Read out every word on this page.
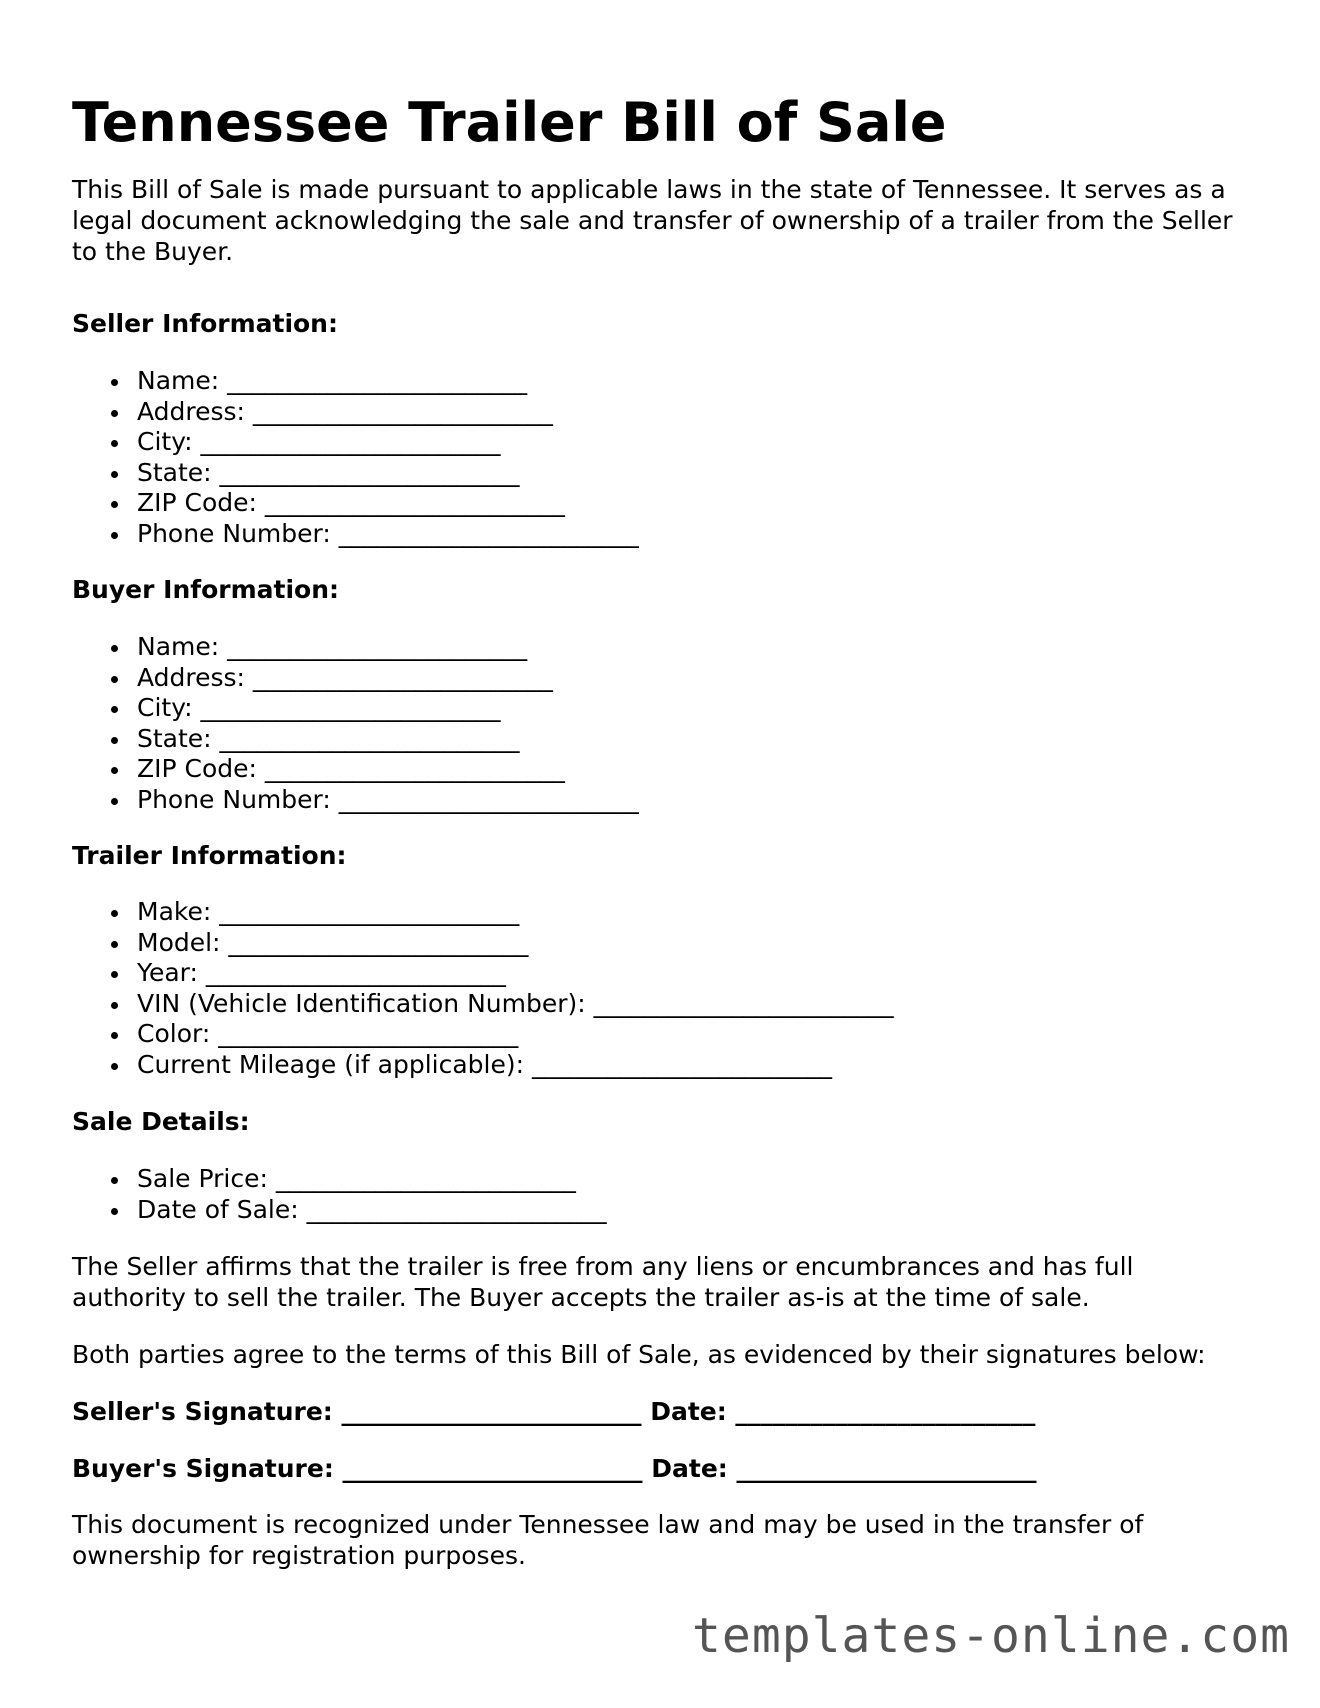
Tennessee Trailer Bill of Sale

This Bill of Sale is made pursuant to applicable laws in the state of Tennessee. It serves as a legal document acknowledging the sale and transfer of ownership of a trailer from the Seller to the Buyer.

Seller Information:

Name: ________________________
Address: ________________________
City: ________________________
State: ________________________
ZIP Code: ________________________
Phone Number: ________________________

Buyer Information:

Name: ________________________
Address: ________________________
City: ________________________
State: ________________________
ZIP Code: ________________________
Phone Number: ________________________

Trailer Information:

Make: ________________________
Model: ________________________
Year: ________________________
VIN (Vehicle Identification Number): ________________________
Color: ________________________
Current Mileage (if applicable): ________________________

Sale Details:

Sale Price: ________________________
Date of Sale: ________________________

The Seller affirms that the trailer is free from any liens or encumbrances and has full authority to sell the trailer. The Buyer accepts the trailer as-is at the time of sale.

Both parties agree to the terms of this Bill of Sale, as evidenced by their signatures below:

Seller's Signature: ________________________ Date: ________________________

Buyer's Signature: ________________________ Date: ________________________

This document is recognized under Tennessee law and may be used in the transfer of ownership for registration purposes.

templates-online.com
